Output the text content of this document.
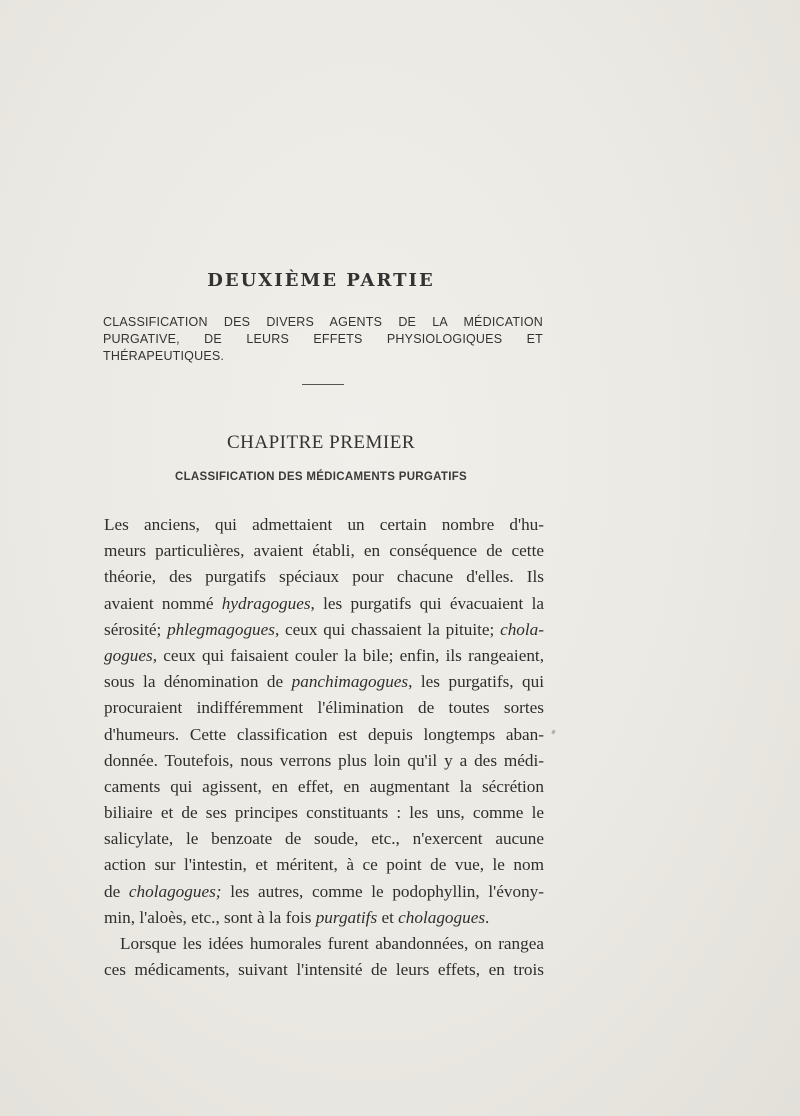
DEUXIÈME PARTIE
CLASSIFICATION DES DIVERS AGENTS DE LA MÉDICATION PURGATIVE, DE LEURS EFFETS PHYSIOLOGIQUES ET THÉRAPEUTIQUES.
CHAPITRE PREMIER
CLASSIFICATION DES MÉDICAMENTS PURGATIFS
Les anciens, qui admettaient un certain nombre d'hu-
meurs particulières, avaient établi, en conséquence de cette
théorie, des purgatifs spéciaux pour chacune d'elles. Ils
avaient nommé hydragogues, les purgatifs qui évacuaient la
sérosité; phlegmagogues, ceux qui chassaient la pituite; chola-
gogues, ceux qui faisaient couler la bile; enfin, ils rangeaient,
sous la dénomination de panchimagogues, les purgatifs, qui
procuraient indifféremment l'élimination de toutes sortes
d'humeurs. Cette classification est depuis longtemps aban-
donnée. Toutefois, nous verrons plus loin qu'il y a des médi-
caments qui agissent, en effet, en augmentant la sécrétion
biliaire et de ses principes constituants : les uns, comme le
salicylate, le benzoate de soude, etc., n'exercent aucune
action sur l'intestin, et méritent, à ce point de vue, le nom
de cholagogues; les autres, comme le podophyllin, l'évony-
min, l'aloès, etc., sont à la fois purgatifs et cholagogues.
Lorsque les idées humorales furent abandonnées, on rangea
ces médicaments, suivant l'intensité de leurs effets, en trois
